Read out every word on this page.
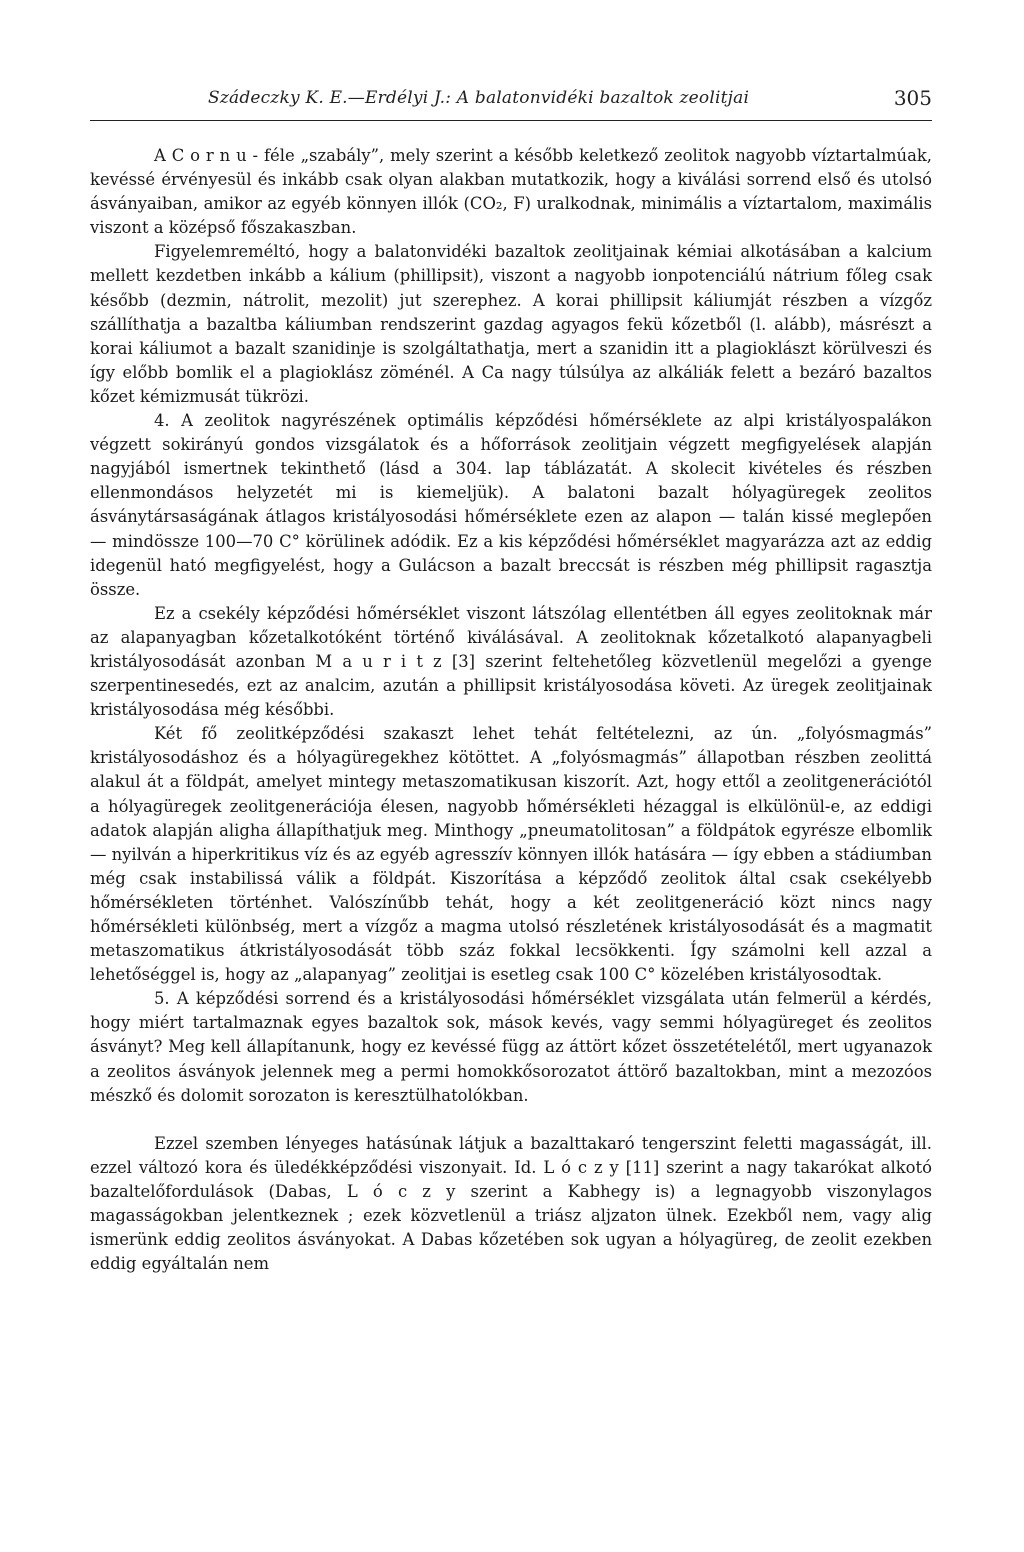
Szádeczky K. E.—Erdélyi J.: A balatonvidéki bazaltok zeolitjai	305

A C o r n u - féle „szabály”, mely szerint a később keletkező zeolitok nagyobb víztartalmúak, kevéssé érvényesül és inkább csak olyan alakban mutatkozik, hogy a kiválási sorrend első és utolsó ásványaiban, amikor az egyéb könnyen illók (CO₂, F) uralkodnak, minimális a víztartalom, maximális viszont a középső főszakaszban.

Figyelemreméltó, hogy a balatonvidéki bazaltok zeolitjainak kémiai alkotásában a kalcium mellett kezdetben inkább a kálium (phillipsit), viszont a nagyobb ionpotenciálú nátrium főleg csak később (dezmin, nátrolit, mezolit) jut szerephez. A korai phillipsit káliumját részben a vízgőz szállíthatja a bazaltba káliumban rendszerint gazdag agyagos fekü kőzetből (l. alább), másrészt a korai káliumot a bazalt szanidinje is szolgáltathatja, mert a szanidin itt a plagioklászt körülveszi és így előbb bomlik el a plagioklász zöménél. A Ca nagy túlsúlya az alkáliák felett a bezáró bazaltos kőzet kémizmusát tükrözi.

4. A zeolitok nagyrészének optimális képződési hőmérséklete az alpi kristályospalákon végzett sokirányú gondos vizsgálatok és a hőforrások zeolitjain végzett megfigyelések alapján nagyjából ismertnek tekinthető (lásd a 304. lap táblázatát. A skolecit kivételes és részben ellenmondásos helyzetét mi is kiemeljük). A balatoni bazalt hólyagüregek zeolitos ásványtársaságának átlagos kristályosodási hőmérséklete ezen az alapon — talán kissé meglepően — mindössze 100—70 C° körülinek adódik. Ez a kis képződési hőmérséklet magyarázza azt az eddig idegenül ható megfigyelést, hogy a Gulácson a bazalt breccsát is részben még phillipsit ragasztja össze.

Ez a csekély képződési hőmérséklet viszont látszólag ellentétben áll egyes zeolitoknak már az alapanyagban kőzetalkotóként történő kiválásával. A zeolitoknak kőzetalkotó alapanyagbeli kristályosodását azonban M a u r i t z [3] szerint feltehetőleg közvetlenül megelőzi a gyenge szerpentinesedés, ezt az analcim, azután a phillipsit kristályosodása követi. Az üregek zeolitjainak kristályosodása még későbbi.

Két fő zeolitképződési szakaszt lehet tehát feltételezni, az ún. „folyósmagmás” kristályosodáshoz és a hólyagüregekhez kötöttet. A „folyósmagmás” állapotban részben zeolittá alakul át a földpát, amelyet mintegy metaszomatikusan kiszorít. Azt, hogy ettől a zeolitgenerációtól a hólyagüregek zeolitgenerációja élesen, nagyobb hőmérsékleti hézaggal is elkülönül-e, az eddigi adatok alapján aligha állapíthatjuk meg. Minthogy „pneumatolitosan” a földpátok egyrésze elbomlik — nyilván a hiperkritikus víz és az egyéb agresszív könnyen illók hatására — így ebben a stádiumban még csak instabilissá válik a földpát. Kiszorítása a képződő zeolitok által csak csekélyebb hőmérsékleten történhet. Valószínűbb tehát, hogy a két zeolitgeneráció közt nincs nagy hőmérsékleti különbség, mert a vízgőz a magma utolsó részletének kristályosodását és a magmatit metaszomatikus átkristályosodását több száz fokkal lecsökkenti. Így számolni kell azzal a lehetőséggel is, hogy az „alapanyag” zeolitjai is esetleg csak 100 C° közelében kristályosodtak.

5. A képződési sorrend és a kristályosodási hőmérséklet vizsgálata után felmerül a kérdés, hogy miért tartalmaznak egyes bazaltok sok, mások kevés, vagy semmi hólyagüreget és zeolitos ásványt? Meg kell állapítanunk, hogy ez kevéssé függ az áttört kőzet összetételétől, mert ugyanazok a zeolitos ásványok jelennek meg a permi homokkősorozatot áttörő bazaltokban, mint a mezozóos mészkő és dolomit sorozaton is keresztülhatolókban.

Ezzel szemben lényeges hatásúnak látjuk a bazalttakaró tengerszint feletti magasságát, ill. ezzel változó kora és üledékképződési viszonyait. Id. L ó c z y [11] szerint a nagy takarókat alkotó bazaltelőfordulások (Dabas, L ó c z y szerint a Kabhegy is) a legnagyobb viszonylagos magasságokban jelentkeznek ; ezek közvetlenül a triász aljzaton ülnek. Ezekből nem, vagy alig ismerünk eddig zeolitos ásványokat. A Dabas kőzetében sok ugyan a hólyagüreg, de zeolit ezekben eddig egyáltalán nem
